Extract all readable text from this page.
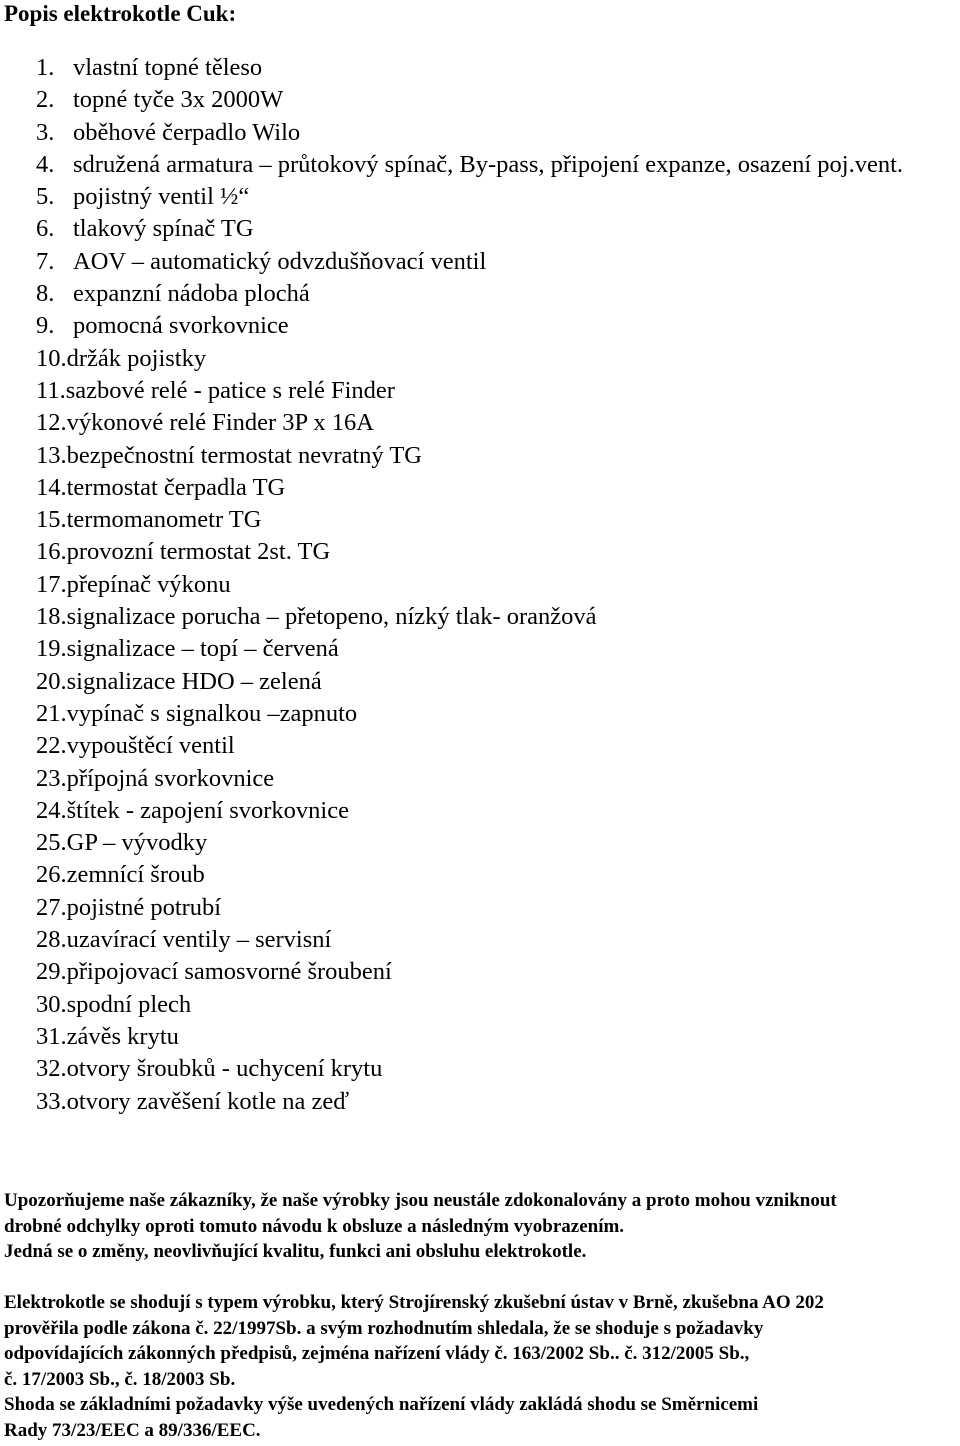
Popis elektrokotle Cuk:
1. vlastní topné těleso
2. topné tyče 3x 2000W
3. oběhové čerpadlo Wilo
4. sdružená armatura – průtokový spínač, By-pass, připojení expanze, osazení poj.vent.
5. pojistný ventil ½“
6. tlakový spínač TG
7. AOV – automatický odvzdušňovací ventil
8. expanzní nádoba plochá
9. pomocná svorkovnice
10.držák pojistky
11.sazbové relé - patice s relé Finder
12.výkonové relé Finder 3P x 16A
13.bezpečnostní termostat nevratný TG
14.termostat čerpadla TG
15.termomanometr TG
16.provozní termostat 2st. TG
17.přepínač výkonu
18.signalizace porucha – přetopeno, nízký tlak- oranžová
19.signalizace – topí – červená
20.signalizace HDO – zelená
21.vypínač s signalkou –zapnuto
22.vypouštěcí ventil
23.přípojná svorkovnice
24.štítek - zapojení svorkovnice
25.GP – vývodky
26.zemnící šroub
27.pojistné potrubí
28.uzavírací ventily – servisní
29.připojovací samosvorné šroubení
30.spodní plech
31.závěs krytu
32.otvory šroubků - uchycení krytu
33.otvory zavěšení kotle na zeď

Upozorňujeme naše zákazníky, že naše výrobky jsou neustále zdokonalovány a proto mohou vzniknout

drobné odchylky oproti tomuto návodu k obsluze a následným vyobrazením.

Jedná se o změny, neovlivňující kvalitu, funkci ani obsluhu elektrokotle.

Elektrokotle se shodují s typem výrobku, který Strojírenský zkušební ústav v Brně, zkušebna AO 202

prověřila podle zákona č. 22/1997Sb. a svým rozhodnutím shledala, že se shoduje s požadavky

odpovídajících zákonných předpisů, zejména nařízení vlády č. 163/2002 Sb.. č. 312/2005 Sb.,

č. 17/2003 Sb., č. 18/2003 Sb.

Shoda se základními požadavky výše uvedených nařízení vlády zakládá shodu se Směrnicemi

Rady 73/23/EEC a 89/336/EEC.
